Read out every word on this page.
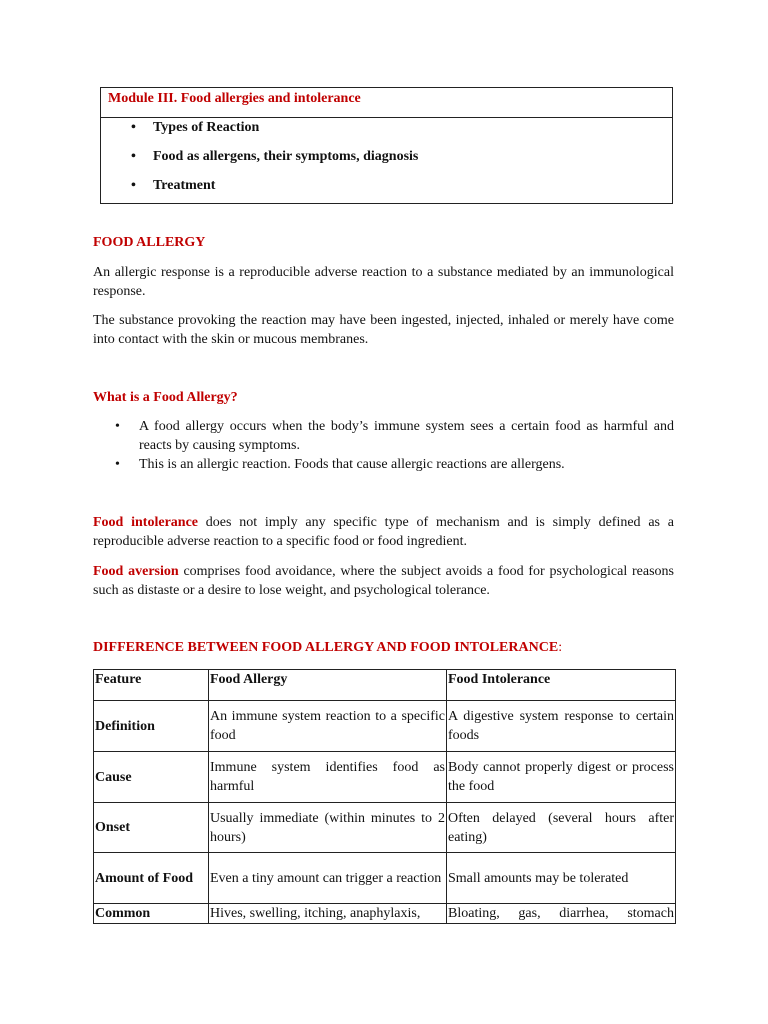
Module III. Food allergies and intolerance
• Types of Reaction
• Food as allergens, their symptoms, diagnosis
• Treatment
FOOD ALLERGY
An allergic response is a reproducible adverse reaction to a substance mediated by an immunological response.
The substance provoking the reaction may have been ingested, injected, inhaled or merely have come into contact with the skin or mucous membranes.
What is a Food Allergy?
• A food allergy occurs when the body’s immune system sees a certain food as harmful and reacts by causing symptoms.
• This is an allergic reaction. Foods that cause allergic reactions are allergens.
Food intolerance does not imply any specific type of mechanism and is simply defined as a reproducible adverse reaction to a specific food or food ingredient.
Food aversion comprises food avoidance, where the subject avoids a food for psychological reasons such as distaste or a desire to lose weight, and psychological tolerance.
DIFFERENCE BETWEEN FOOD ALLERGY AND FOOD INTOLERANCE:
Feature	Food Allergy	Food Intolerance
Definition	An immune system reaction to a specific food	A digestive system response to certain foods
Cause	Immune system identifies food as harmful	Body cannot properly digest or process the food
Onset	Usually immediate (within minutes to 2 hours)	Often delayed (several hours after eating)
Amount of Food	Even a tiny amount can trigger a reaction	Small amounts may be tolerated
Common	Hives, swelling, itching, anaphylaxis,	Bloating, gas, diarrhea, stomach
